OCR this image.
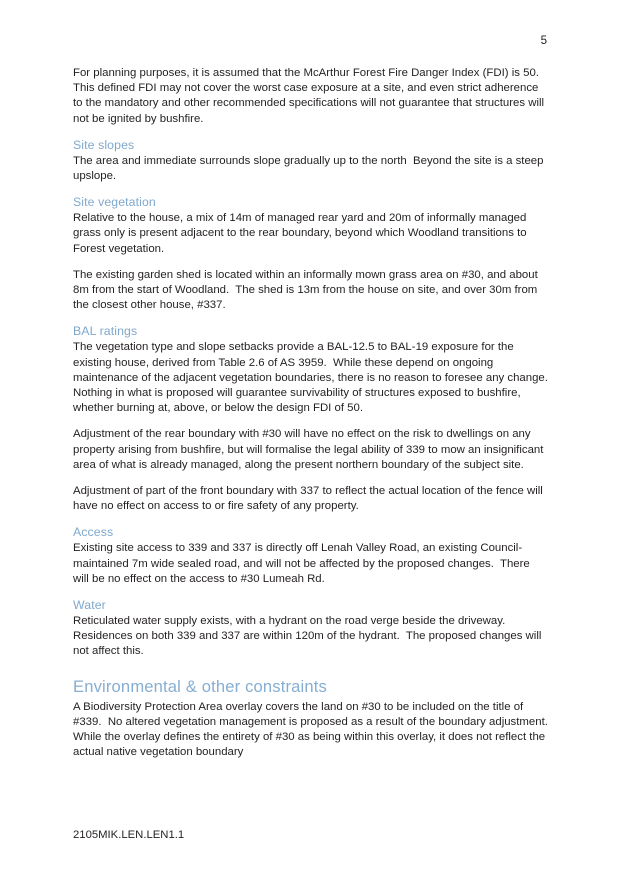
5

For planning purposes, it is assumed that the McArthur Forest Fire Danger Index (FDI) is 50.  This defined FDI may not cover the worst case exposure at a site, and even strict adherence to the mandatory and other recommended specifications will not guarantee that structures will not be ignited by bushfire.

Site slopes

The area and immediate surrounds slope gradually up to the north  Beyond the site is a steep upslope.

Site vegetation

Relative to the house, a mix of 14m of managed rear yard and 20m of informally managed grass only is present adjacent to the rear boundary, beyond which Woodland transitions to Forest vegetation.

The existing garden shed is located within an informally mown grass area on #30, and about 8m from the start of Woodland.  The shed is 13m from the house on site, and over 30m from the closest other house, #337.

BAL ratings

The vegetation type and slope setbacks provide a BAL-12.5 to BAL-19 exposure for the existing house, derived from Table 2.6 of AS 3959.  While these depend on ongoing maintenance of the adjacent vegetation boundaries, there is no reason to foresee any change.  Nothing in what is proposed will guarantee survivability of structures exposed to bushfire, whether burning at, above, or below the design FDI of 50.

Adjustment of the rear boundary with #30 will have no effect on the risk to dwellings on any property arising from bushfire, but will formalise the legal ability of 339 to mow an insignificant area of what is already managed, along the present northern boundary of the subject site.

Adjustment of part of the front boundary with 337 to reflect the actual location of the fence will have no effect on access to or fire safety of any property.

Access

Existing site access to 339 and 337 is directly off Lenah Valley Road, an existing Council-maintained 7m wide sealed road, and will not be affected by the proposed changes.  There will be no effect on the access to #30 Lumeah Rd.

Water

Reticulated water supply exists, with a hydrant on the road verge beside the driveway.  Residences on both 339 and 337 are within 120m of the hydrant.  The proposed changes will not affect this.

Environmental & other constraints

A Biodiversity Protection Area overlay covers the land on #30 to be included on the title of #339.  No altered vegetation management is proposed as a result of the boundary adjustment.  While the overlay defines the entirety of #30 as being within this overlay, it does not reflect the actual native vegetation boundary

2105MIK.LEN.LEN1.1
